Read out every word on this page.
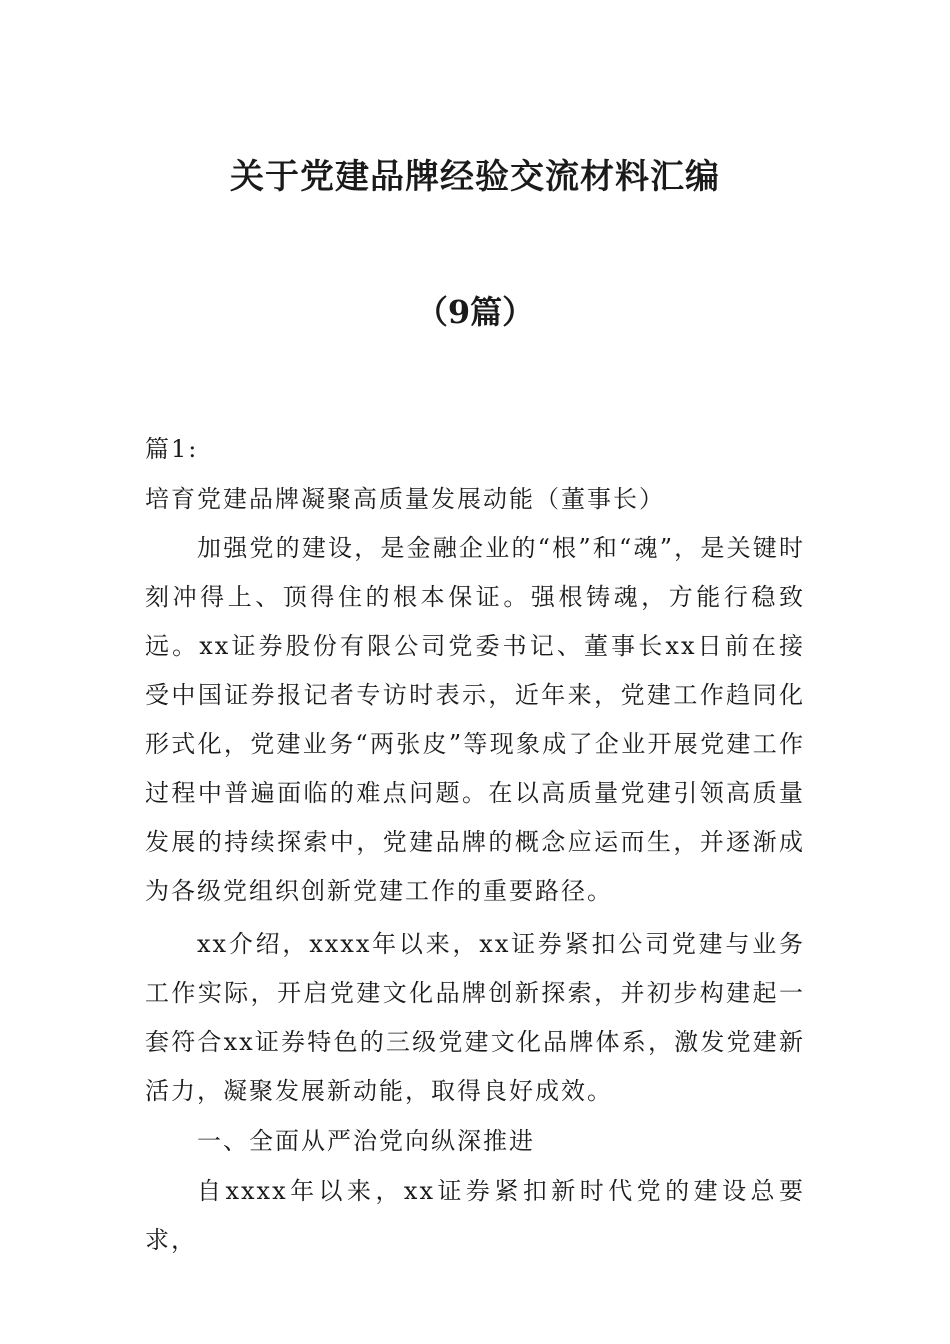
关于党建品牌经验交流材料汇编
（9篇）
篇1:
培育党建品牌凝聚高质量发展动能（董事长）

加强党的建设，是金融企业的“根”和“魂”，是关键时刻冲得上、顶得住的根本保证。强根铸魂，方能行稳致远。xx证券股份有限公司党委书记、董事长xx日前在接受中国证券报记者专访时表示，近年来，党建工作趋同化形式化，党建业务“两张皮”等现象成了企业开展党建工作过程中普遍面临的难点问题。在以高质量党建引领高质量发展的持续探索中，党建品牌的概念应运而生，并逐渐成为各级党组织创新党建工作的重要路径。

xx介绍，xxxx年以来，xx证券紧扣公司党建与业务工作实际，开启党建文化品牌创新探索，并初步构建起一套符合xx证券特色的三级党建文化品牌体系，激发党建新活力，凝聚发展新动能，取得良好成效。

一、全面从严治党向纵深推进

自xxxx年以来，xx证券紧扣新时代党的建设总要求，
